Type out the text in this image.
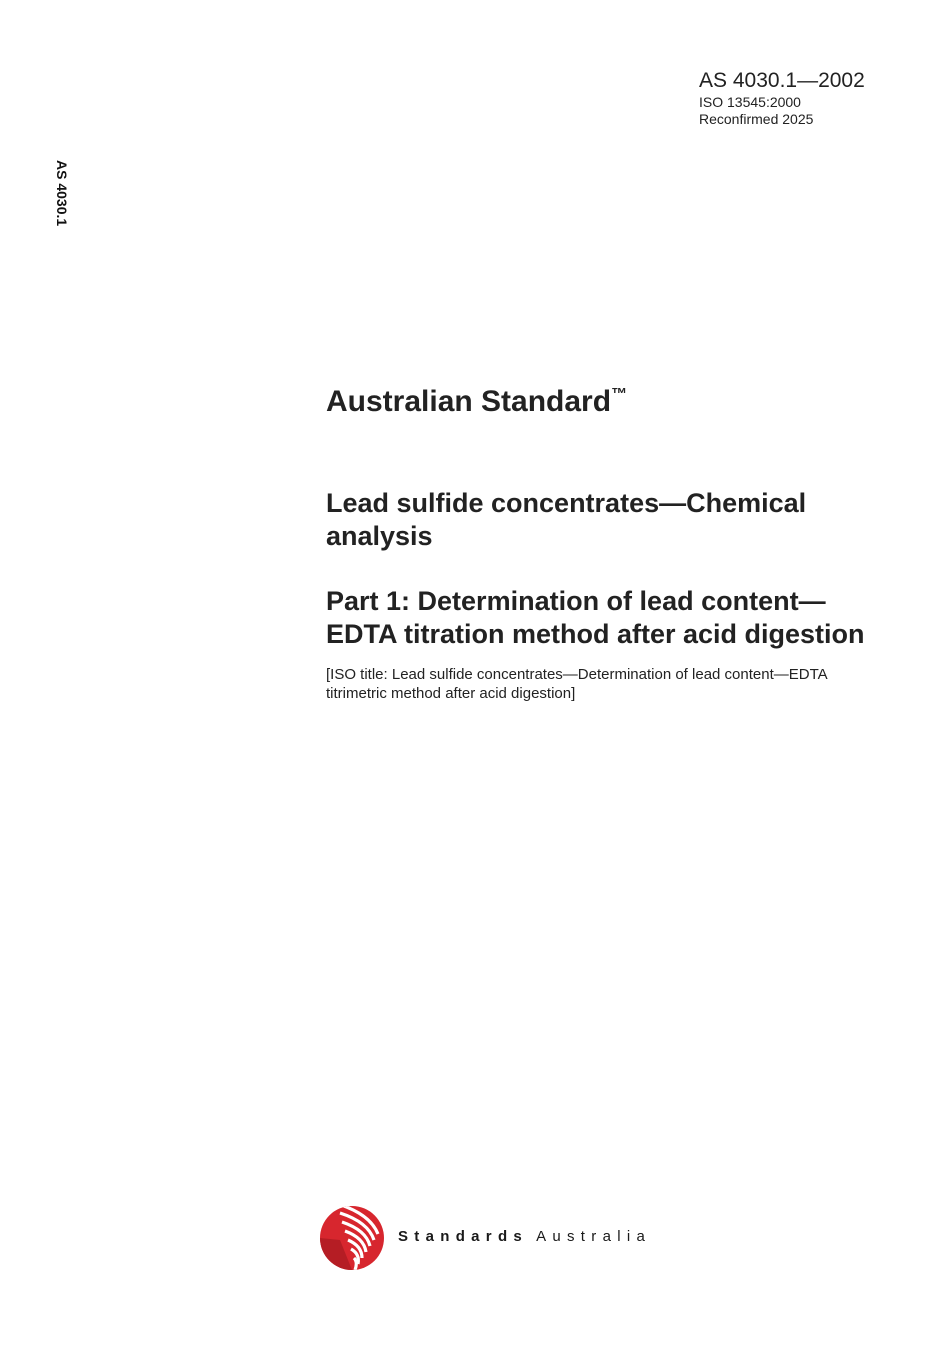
AS 4030.1—2002
ISO 13545:2000
Reconfirmed 2025
AS 4030.1
Australian Standard™
Lead sulfide concentrates—Chemical analysis
Part 1: Determination of lead content—EDTA titration method after acid digestion

[ISO title: Lead sulfide concentrates—Determination of lead content—EDTA titrimetric method after acid digestion]

Standards Australia
